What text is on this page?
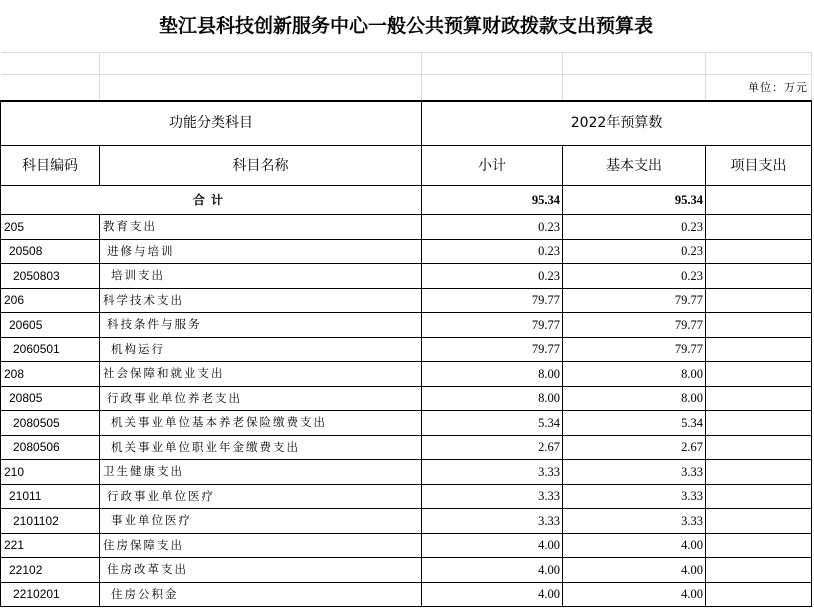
垫江县科技创新服务中心一般公共预算财政拨款支出预算表				

				单位：万元
功能分类科目		2022年预算数		
科目编码	科目名称	小计	基本支出	项目支出
合计		95.34	95.34	
205	教育支出	0.23	0.23	
20508	进修与培训	0.23	0.23	
2050803	培训支出	0.23	0.23	
206	科学技术支出	79.77	79.77	
20605	科技条件与服务	79.77	79.77	
2060501	机构运行	79.77	79.77	
208	社会保障和就业支出	8.00	8.00	
20805	行政事业单位养老支出	8.00	8.00	
2080505	机关事业单位基本养老保险缴费支出	5.34	5.34	
2080506	机关事业单位职业年金缴费支出	2.67	2.67	
210	卫生健康支出	3.33	3.33	
21011	行政事业单位医疗	3.33	3.33	
2101102	事业单位医疗	3.33	3.33	
221	住房保障支出	4.00	4.00	
22102	住房改革支出	4.00	4.00	
2210201	住房公积金	4.00	4.00	
